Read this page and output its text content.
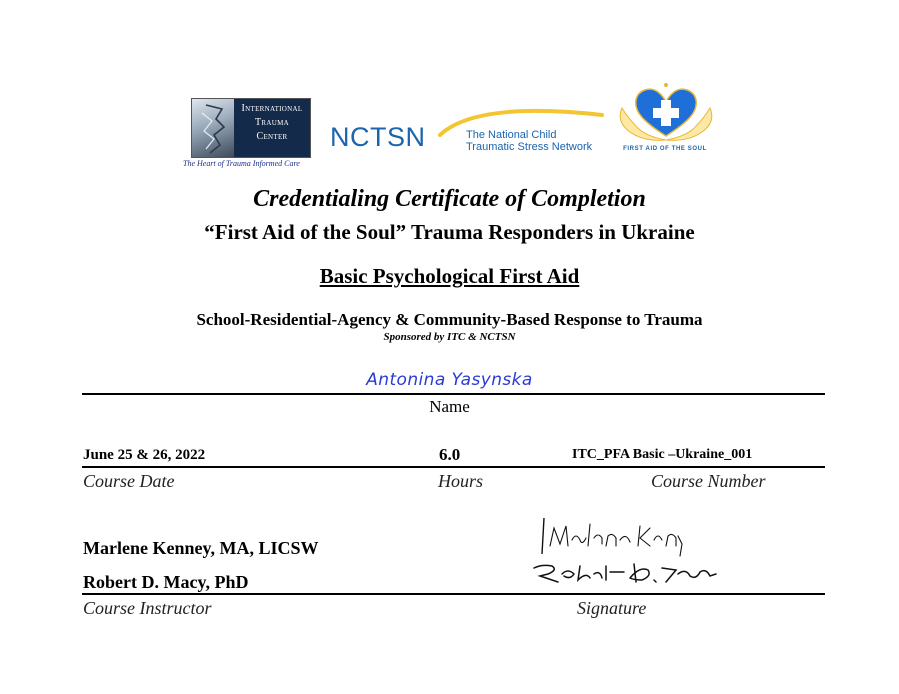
International
Trauma
Center
The Heart of Trauma Informed Care
NCTSN	The National Child
Traumatic Stress Network	FIRST AID OF THE SOUL
Credentialing Certificate of Completion
“First Aid of the Soul” Trauma Responders in Ukraine
Basic Psychological First Aid
School-Residential-Agency & Community-Based Response to Trauma
Sponsored by ITC & NCTSN
Antonina Yasynska
Name
June 25 & 26, 2022	6.0	ITC_PFA Basic –Ukraine_001
Course Date	Hours	Course Number
Marlene Kenney, MA, LICSW
Robert D. Macy, PhD
Course Instructor	Signature
